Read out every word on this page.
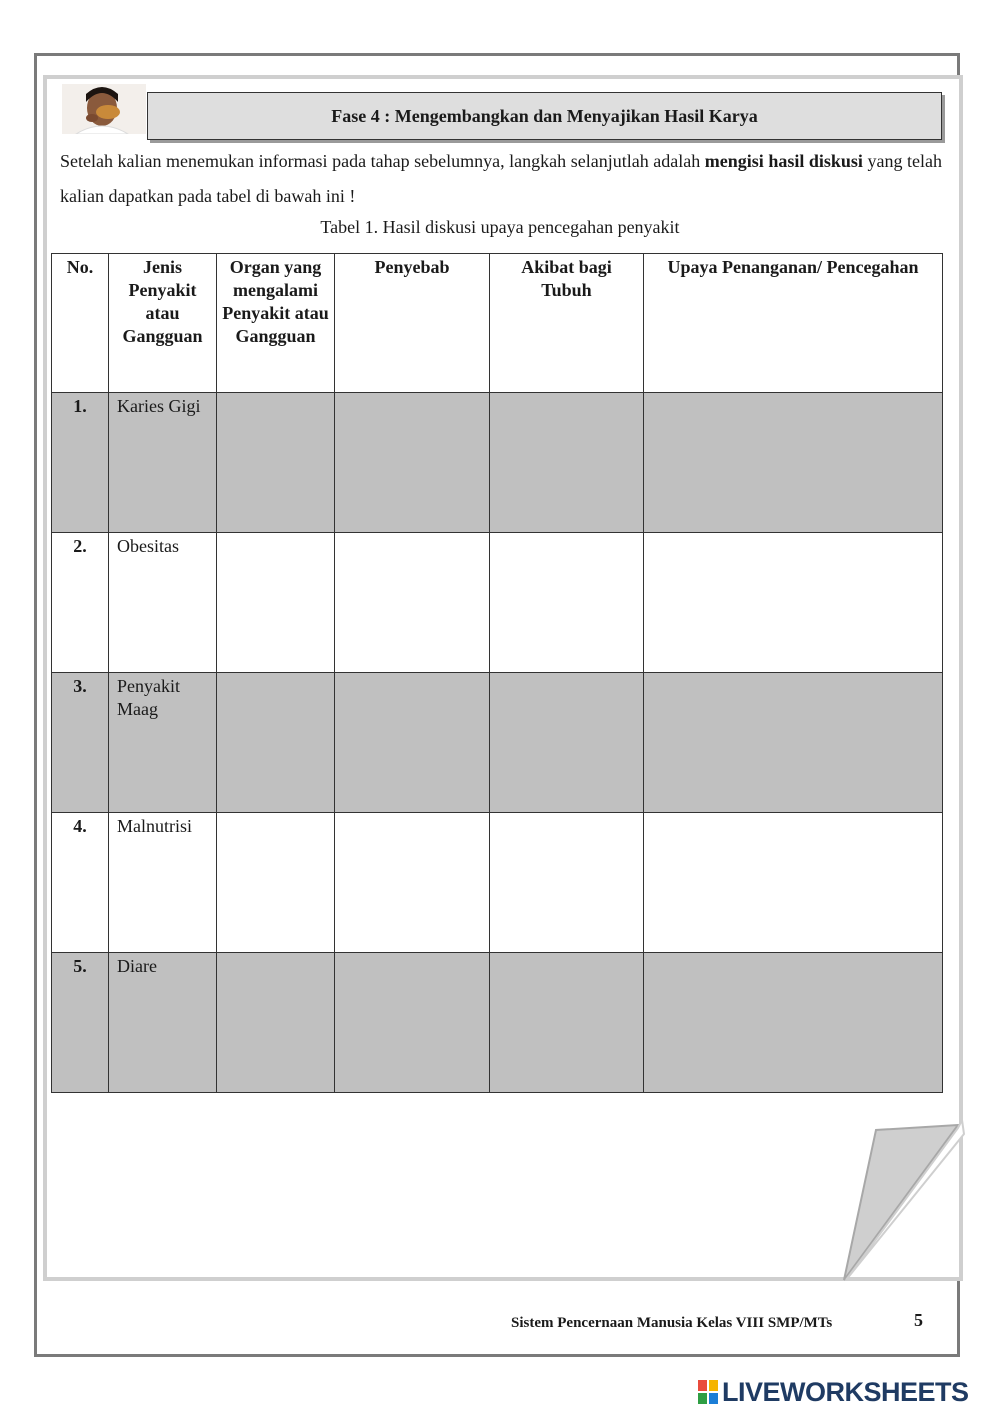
Fase 4 : Mengembangkan dan Menyajikan Hasil Karya
Setelah kalian menemukan informasi pada tahap sebelumnya, langkah selanjutlah adalah mengisi hasil diskusi yang telah kalian dapatkan pada tabel di bawah ini !
Tabel 1. Hasil diskusi upaya pencegahan penyakit
No.	Jenis Penyakit atau Gangguan	Organ yang mengalami Penyakit atau Gangguan	Penyebab	Akibat bagi Tubuh	Upaya Penanganan/ Pencegahan
1.	Karies Gigi				
2.	Obesitas				
3.	Penyakit Maag				
4.	Malnutrisi				
5.	Diare				
Sistem Pencernaan Manusia Kelas VIII SMP/MTs	5
LIVEWORKSHEETS
